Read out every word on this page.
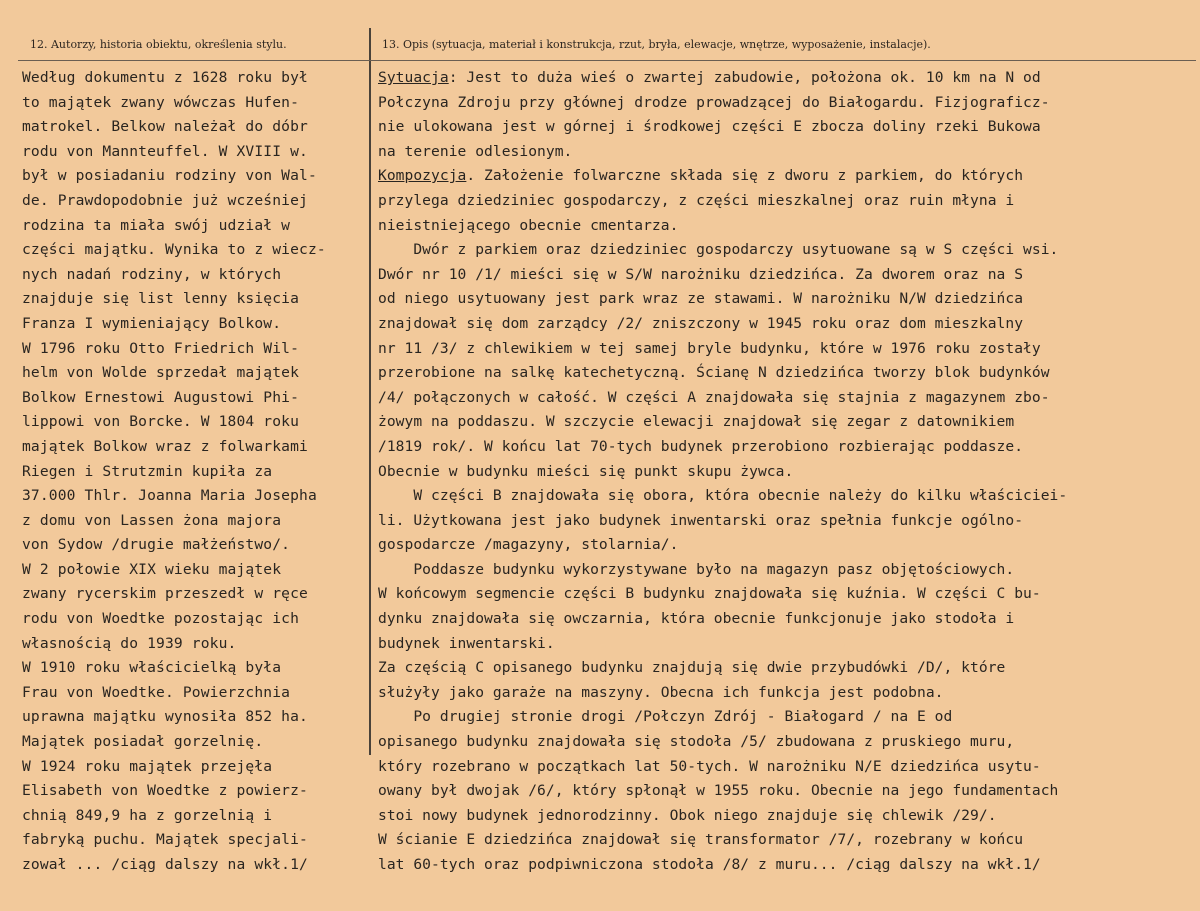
12. Autorzy, historia obiektu, określenia stylu.	13. Opis (sytuacja, materiał i konstrukcja, rzut, bryła, elewacje, wnętrze, wyposażenie, instalacje).
Według dokumentu z 1628 roku był
to majątek zwany wówczas Hufen-
matrokel. Belkow należał do dóbr
rodu von Mannteuffel. W XVIII w.
był w posiadaniu rodziny von Wal-
de. Prawdopodobnie już wcześniej
rodzina ta miała swój udział w
części majątku. Wynika to z wiecz-
nych nadań rodziny, w których
znajduje się list lenny księcia
Franza I wymieniający Bolkow.
W 1796 roku Otto Friedrich Wil-
helm von Wolde sprzedał majątek
Bolkow Ernestowi Augustowi Phi-
lippowi von Borcke. W 1804 roku
majątek Bolkow wraz z folwarkami
Riegen i Strutzmin kupiła za
37.000 Thlr. Joanna Maria Josepha
z domu von Lassen żona majora
von Sydow /drugie małżeństwo/.
W 2 połowie XIX wieku majątek
zwany rycerskim przeszedł w ręce
rodu von Woedtke pozostając ich
własnością do 1939 roku.
W 1910 roku właścicielką była
Frau von Woedtke. Powierzchnia
uprawna majątku wynosiła 852 ha.
Majątek posiadał gorzelnię.
W 1924 roku majątek przejęła
Elisabeth von Woedtke z powierz-
chnią 849,9 ha z gorzelnią i
fabryką puchu. Majątek specjali-
zował ... /ciąg dalszy na wkł.1/
Sytuacja: Jest to duża wieś o zwartej zabudowie, położona ok. 10 km na N od
Połczyna Zdroju przy głównej drodze prowadzącej do Białogardu. Fizjograficz-
nie ulokowana jest w górnej i środkowej części E zbocza doliny rzeki Bukowa
na terenie odlesionym.
Kompozycja. Założenie folwarczne składa się z dworu z parkiem, do których
przylega dziedziniec gospodarczy, z części mieszkalnej oraz ruin młyna i
nieistniejącego obecnie cmentarza.
Dwór z parkiem oraz dziedziniec gospodarczy usytuowane są w S części wsi.
Dwór nr 10 /1/ mieści się w S/W narożniku dziedzińca. Za dworem oraz na S
od niego usytuowany jest park wraz ze stawami. W narożniku N/W dziedzińca
znajdował się dom zarządcy /2/ zniszczony w 1945 roku oraz dom mieszkalny
nr 11 /3/ z chlewikiem w tej samej bryle budynku, które w 1976 roku zostały
przerobione na salkę katechetyczną. Ścianę N dziedzińca tworzy blok budynków
/4/ połączonych w całość. W części A znajdowała się stajnia z magazynem zbo-
żowym na poddaszu. W szczycie elewacji znajdował się zegar z datownikiem
/1819 rok/. W końcu lat 70-tych budynek przerobiono rozbierając poddasze.
Obecnie w budynku mieści się punkt skupu żywca.
W części B znajdowała się obora, która obecnie należy do kilku właściciei-
li. Użytkowana jest jako budynek inwentarski oraz spełnia funkcje ogólno-
gospodarcze /magazyny, stolarnia/.
Poddasze budynku wykorzystywane było na magazyn pasz objętościowych.
W końcowym segmencie części B budynku znajdowała się kuźnia. W części C bu-
dynku znajdowała się owczarnia, która obecnie funkcjonuje jako stodoła i
budynek inwentarski.
Za częścią C opisanego budynku znajdują się dwie przybudówki /D/, które
służyły jako garaże na maszyny. Obecna ich funkcja jest podobna.
Po drugiej stronie drogi /Połczyn Zdrój - Białogard / na E od
opisanego budynku znajdowała się stodoła /5/ zbudowana z pruskiego muru,
który rozebrano w początkach lat 50-tych. W narożniku N/E dziedzińca usytu-
owany był dwojak /6/, który spłonął w 1955 roku. Obecnie na jego fundamentach
stoi nowy budynek jednorodzinny. Obok niego znajduje się chlewik /29/.
W ścianie E dziedzińca znajdował się transformator /7/, rozebrany w końcu
lat 60-tych oraz podpiwniczona stodoła /8/ z muru... /ciąg dalszy na wkł.1/
